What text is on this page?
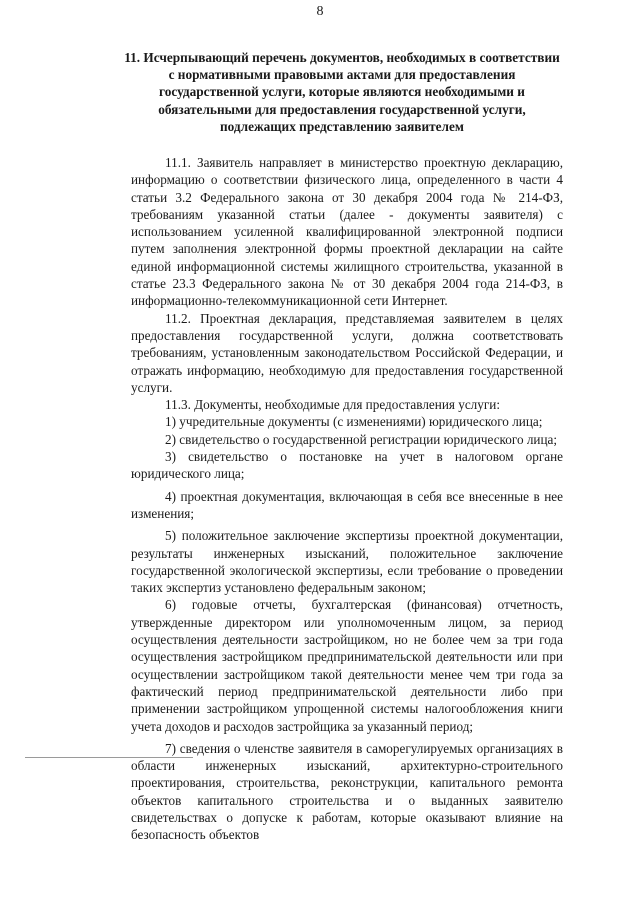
8
11. Исчерпывающий перечень документов, необходимых в соответствии
с нормативными правовыми актами для предоставления
государственной услуги, которые являются необходимыми и
обязательными для предоставления государственной услуги,
подлежащих представлению заявителем
11.1. Заявитель направляет в министерство проектную декларацию, информацию о соответствии физического лица, определенного в части 4 статьи 3.2 Федерального закона от 30 декабря 2004 года № 214-ФЗ, требованиям указанной статьи (далее - документы заявителя) с использованием усиленной квалифицированной электронной подписи путем заполнения электронной формы проектной декларации на сайте единой информационной системы жилищного строительства, указанной в статье 23.3 Федерального закона № от 30 декабря 2004 года 214-ФЗ, в информационно-телекоммуникационной сети Интернет.
11.2. Проектная декларация, представляемая заявителем в целях предоставления государственной услуги, должна соответствовать требованиям, установленным законодательством Российской Федерации, и отражать информацию, необходимую для предоставления государственной услуги.
11.3. Документы, необходимые для предоставления услуги:
1) учредительные документы (с изменениями) юридического лица;
2) свидетельство о государственной регистрации юридического лица;
3) свидетельство о постановке на учет в налоговом органе юридического лица;
4) проектная документация, включающая в себя все внесенные в нее изменения;
5) положительное заключение экспертизы проектной документации, результаты инженерных изысканий, положительное заключение государственной экологической экспертизы, если требование о проведении таких экспертиз установлено федеральным законом;
6) годовые отчеты, бухгалтерская (финансовая) отчетность, утвержденные директором или уполномоченным лицом, за период осуществления деятельности застройщиком, но не более чем за три года осуществления застройщиком предпринимательской деятельности или при осуществлении застройщиком такой деятельности менее чем три года за фактический период предпринимательской деятельности либо при применении застройщиком упрощенной системы налогообложения книги учета доходов и расходов застройщика за указанный период;
7) сведения о членстве заявителя в саморегулируемых организациях в области инженерных изысканий, архитектурно-строительного проектирования, строительства, реконструкции, капитального ремонта объектов капитального строительства и о выданных заявителю свидетельствах о допуске к работам, которые оказывают влияние на безопасность объектов
